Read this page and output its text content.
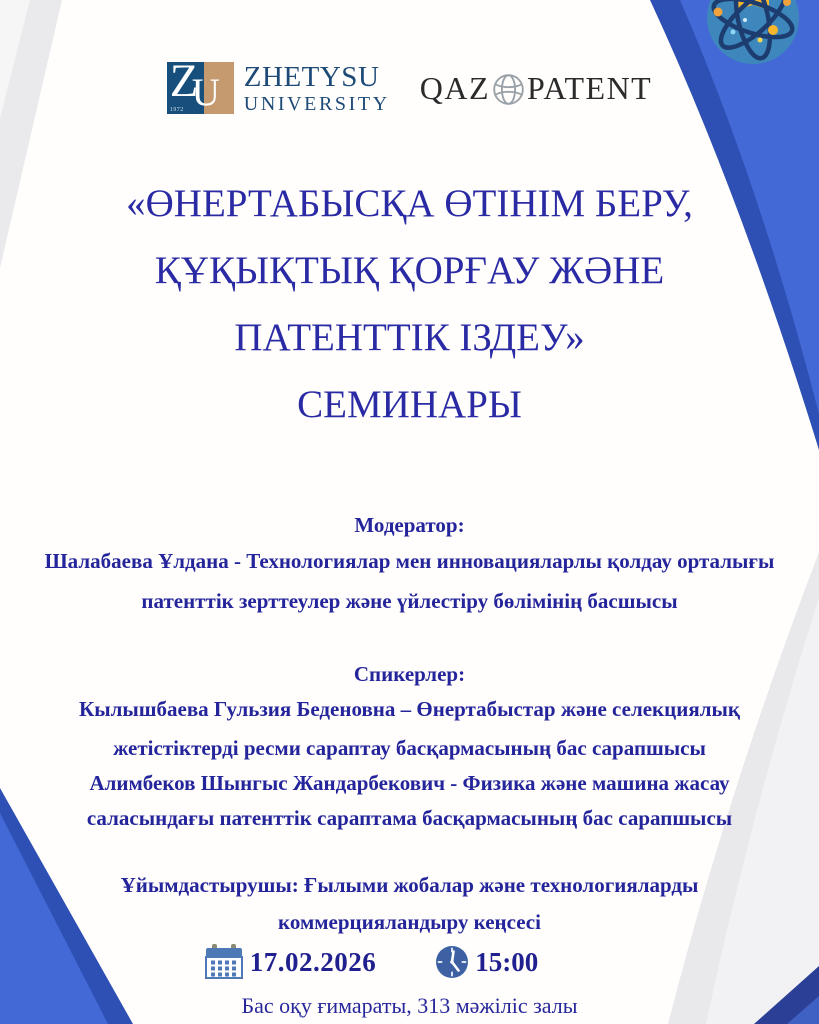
Z
U
1972
ZHETYSU
UNIVERSITY QAZ PATENT
«ӨНЕРТАБЫСҚА ӨТІНІМ БЕРУ,
ҚҰҚЫҚТЫҚ ҚОРҒАУ ЖӘНЕ
ПАТЕНТТІК ІЗДЕУ»
СЕМИНАРЫ
Модератор:
Шалабаева Ұлдана - Технологиялар мен инновацияларлы қолдау орталығы
патенттік зерттеулер және үйлестіру бөлімінің басшысы
Спикерлер:
Кылышбаева Гульзия Беденовна – Өнертабыстар және селекциялық
жетістіктерді ресми сараптау басқармасының бас сарапшысы
Алимбеков Шынгыс Жандарбекович - Физика және машина жасау
саласындағы патенттік сараптама басқармасының бас сарапшысы
Ұйымдастырушы: Ғылыми жобалар және технологияларды
коммерцияландыру кеңсесі
17.02.2026	15:00
Бас оқу ғимараты, 313 мәжіліс залы
